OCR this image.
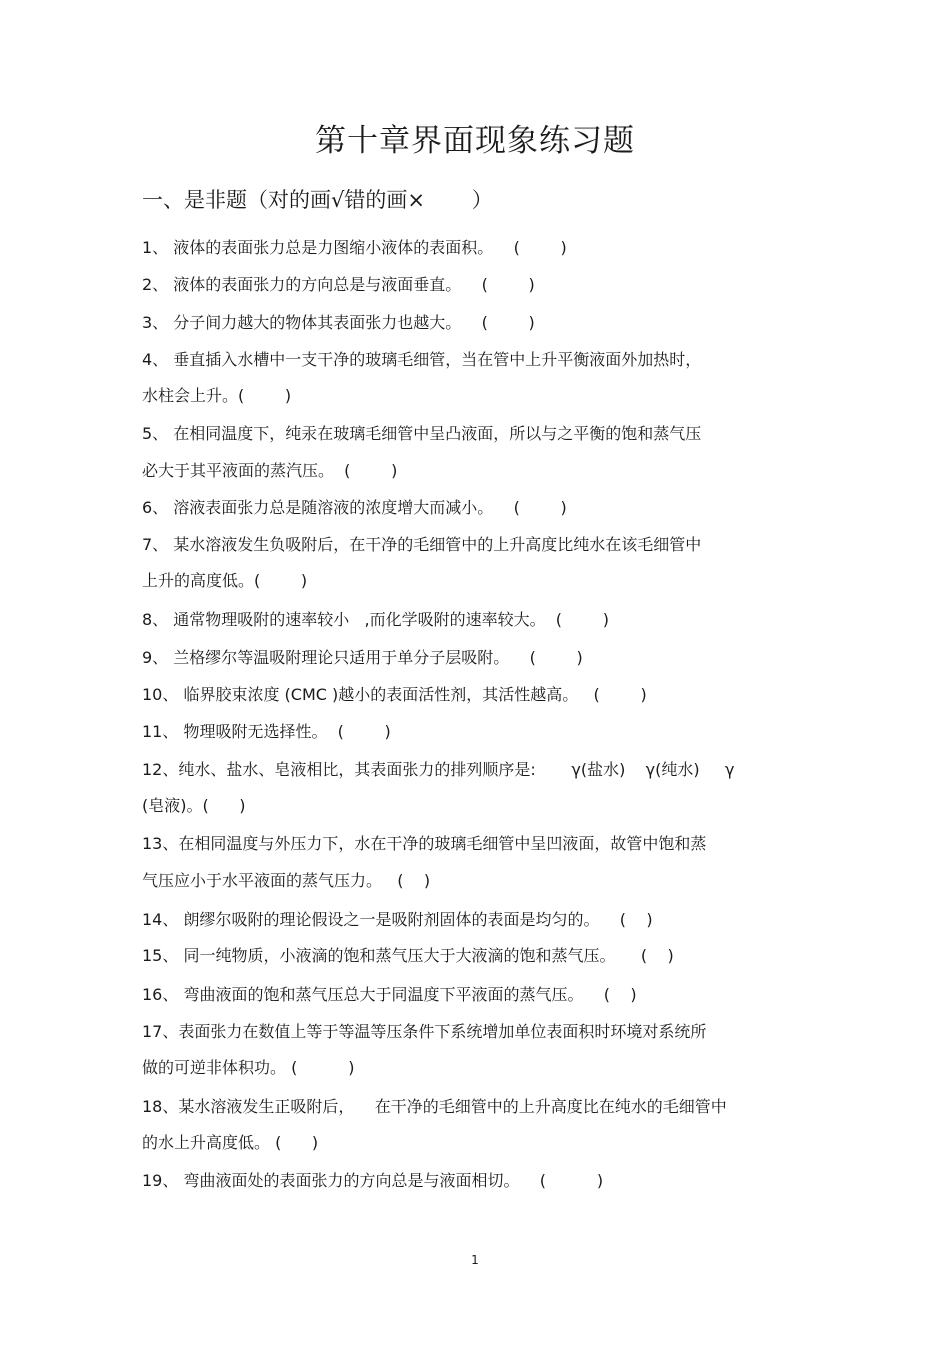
第十章界面现象练习题
一、是非题（对的画√错的画×       ）
1、 液体的表面张力总是力图缩小液体的表面积。    (        )
2、 液体的表面张力的方向总是与液面垂直。    (        )
3、 分子间力越大的物体其表面张力也越大。    (        )
4、 垂直插入水槽中一支干净的玻璃毛细管，当在管中上升平衡液面外加热时，
水柱会上升。(        )
5、 在相同温度下，纯汞在玻璃毛细管中呈凸液面，所以与之平衡的饱和蒸气压
必大于其平液面的蒸汽压。  (        )
6、 溶液表面张力总是随溶液的浓度增大而减小。    (        )
7、 某水溶液发生负吸附后，在干净的毛细管中的上升高度比纯水在该毛细管中
上升的高度低。(        )
8、 通常物理吸附的速率较小   ,而化学吸附的速率较大。  (        )
9、 兰格缪尔等温吸附理论只适用于单分子层吸附。    (        )
10、 临界胶束浓度 (CMC )越小的表面活性剂，其活性越高。   (        )
11、 物理吸附无选择性。  (        )
12、纯水、盐水、皂液相比，其表面张力的排列顺序是:       γ(盐水)    γ(纯水)     γ
(皂液)。(      )
13、在相同温度与外压力下，水在干净的玻璃毛细管中呈凹液面，故管中饱和蒸
气压应小于水平液面的蒸气压力。   (    )
14、 朗缪尔吸附的理论假设之一是吸附剂固体的表面是均匀的。    (    )
15、 同一纯物质，小液滴的饱和蒸气压大于大液滴的饱和蒸气压。     (    )
16、 弯曲液面的饱和蒸气压总大于同温度下平液面的蒸气压。    (    )
17、表面张力在数值上等于等温等压条件下系统增加单位表面积时环境对系统所
做的可逆非体积功。 (          )
18、某水溶液发生正吸附后，    在干净的毛细管中的上升高度比在纯水的毛细管中
的水上升高度低。 (      )
19、 弯曲液面处的表面张力的方向总是与液面相切。    (          )
1
